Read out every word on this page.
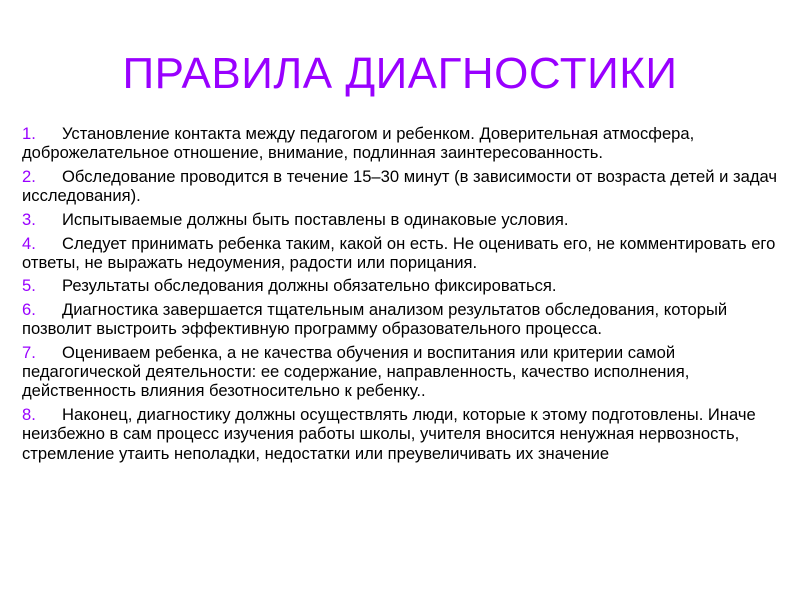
ПРАВИЛА ДИАГНОСТИКИ
1. Установление контакта между педагогом и ребенком. Доверительная атмосфера, доброжелательное отношение, внимание, подлинная заинтересованность.
2. Обследование проводится в течение 15–30 минут (в зависимости от возраста детей и задач исследования).
3. Испытываемые должны быть поставлены в одинаковые условия.
4. Следует принимать ребенка таким, какой он есть. Не оценивать его, не комментировать его ответы, не выражать недоумения, радости или порицания.
5. Результаты обследования должны обязательно фиксироваться.
6. Диагностика завершается тщательным анализом результатов обследования, который позволит выстроить эффективную программу образовательного процесса.
7. Оцениваем ребенка, а не качества обучения и воспитания или критерии самой педагогической деятельности: ее содержание, направленность, качество исполнения, действенность влияния безотносительно к ребенку..
8. Наконец, диагностику должны осуществлять люди, которые к этому подготовлены. Иначе неизбежно в сам процесс изучения работы школы, учителя вносится ненужная нервозность, стремление утаить неполадки, недостатки или преувеличивать их значение
